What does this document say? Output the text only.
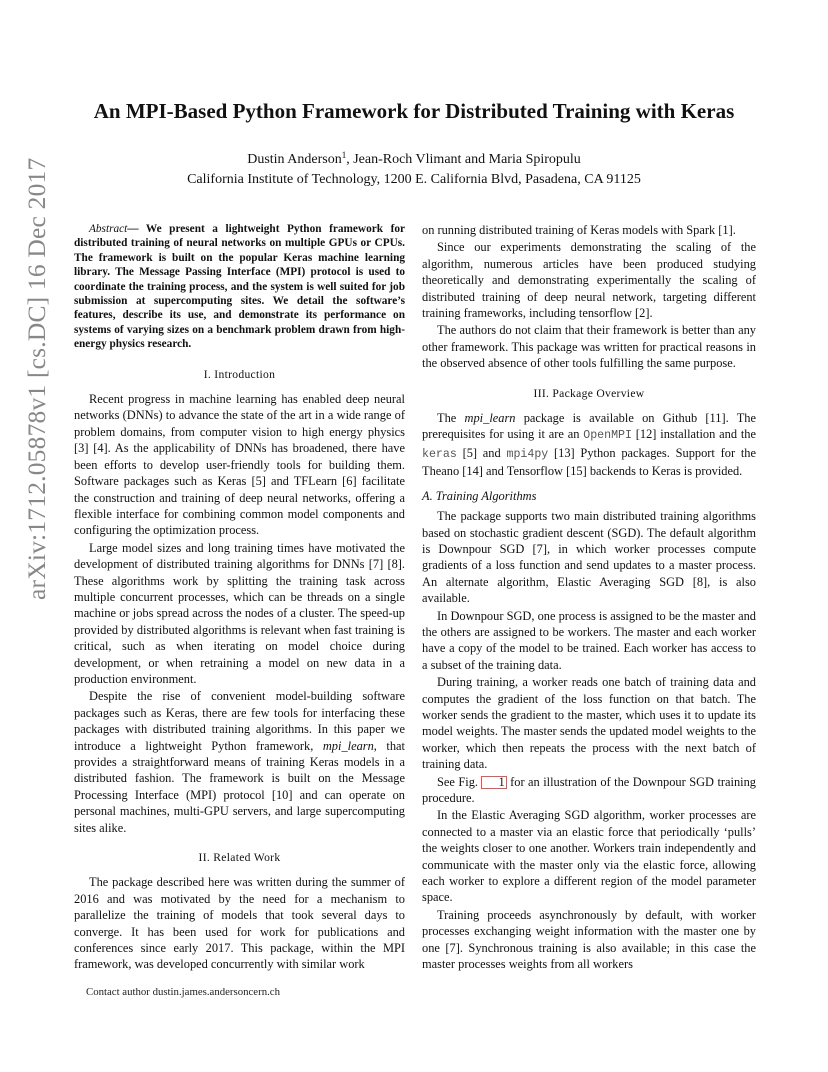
arXiv:1712.05878v1 [cs.DC] 16 Dec 2017
An MPI-Based Python Framework for Distributed Training with Keras
Dustin Anderson$^1$, Jean-Roch Vlimant and Maria Spiropulu
California Institute of Technology, 1200 E. California Blvd, Pasadena, CA 91125

Abstract— We present a lightweight Python framework for distributed training of neural networks on multiple GPUs or CPUs. The framework is built on the popular Keras machine learning library. The Message Passing Interface (MPI) protocol is used to coordinate the training process, and the system is well suited for job submission at supercomputing sites. We detail the software’s features, describe its use, and demonstrate its performance on systems of varying sizes on a benchmark problem drawn from high-energy physics research.

I. Introduction

Recent progress in machine learning has enabled deep neural networks (DNNs) to advance the state of the art in a wide range of problem domains, from computer vision to high energy physics [3] [4]. As the applicability of DNNs has broadened, there have been efforts to develop user-friendly tools for building them. Software packages such as Keras [5] and TFLearn [6] facilitate the construction and training of deep neural networks, offering a flexible interface for combining common model components and configuring the optimization process.

Large model sizes and long training times have motivated the development of distributed training algorithms for DNNs [7] [8]. These algorithms work by splitting the training task across multiple concurrent processes, which can be threads on a single machine or jobs spread across the nodes of a cluster. The speed-up provided by distributed algorithms is relevant when fast training is critical, such as when iterating on model choice during development, or when retraining a model on new data in a production environment.

Despite the rise of convenient model-building software packages such as Keras, there are few tools for interfacing these packages with distributed training algorithms. In this paper we introduce a lightweight Python framework, mpi_learn, that provides a straightforward means of training Keras models in a distributed fashion. The framework is built on the Message Processing Interface (MPI) protocol [10] and can operate on personal machines, multi-GPU servers, and large supercomputing sites alike.

II. Related Work

The package described here was written during the summer of 2016 and was motivated by the need for a mechanism to parallelize the training of models that took several days to converge. It has been used for work for publications and conferences since early 2017. This package, within the MPI framework, was developed concurrently with similar work

on running distributed training of Keras models with Spark [1].

Since our experiments demonstrating the scaling of the algorithm, numerous articles have been produced studying theoretically and demonstrating experimentally the scaling of distributed training of deep neural network, targeting different training frameworks, including tensorflow [2].

The authors do not claim that their framework is better than any other framework. This package was written for practical reasons in the observed absence of other tools fulfilling the same purpose.

III. Package Overview

The mpi_learn package is available on Github [11]. The prerequisites for using it are an OpenMPI [12] installation and the keras [5] and mpi4py [13] Python packages. Support for the Theano [14] and Tensorflow [15] backends to Keras is provided.

A. Training Algorithms

The package supports two main distributed training algorithms based on stochastic gradient descent (SGD). The default algorithm is Downpour SGD [7], in which worker processes compute gradients of a loss function and send updates to a master process. An alternate algorithm, Elastic Averaging SGD [8], is also available.

In Downpour SGD, one process is assigned to be the master and the others are assigned to be workers. The master and each worker have a copy of the model to be trained. Each worker has access to a subset of the training data.

During training, a worker reads one batch of training data and computes the gradient of the loss function on that batch. The worker sends the gradient to the master, which uses it to update its model weights. The master sends the updated model weights to the worker, which then repeats the process with the next batch of training data.

See Fig. 1 for an illustration of the Downpour SGD training procedure.

In the Elastic Averaging SGD algorithm, worker processes are connected to a master via an elastic force that periodically ‘pulls’ the weights closer to one another. Workers train independently and communicate with the master only via the elastic force, allowing each worker to explore a different region of the model parameter space.

Training proceeds asynchronously by default, with worker processes exchanging weight information with the master one by one [7]. Synchronous training is also available; in this case the master processes weights from all workers

Contact author dustin.james.andersoncern.ch
